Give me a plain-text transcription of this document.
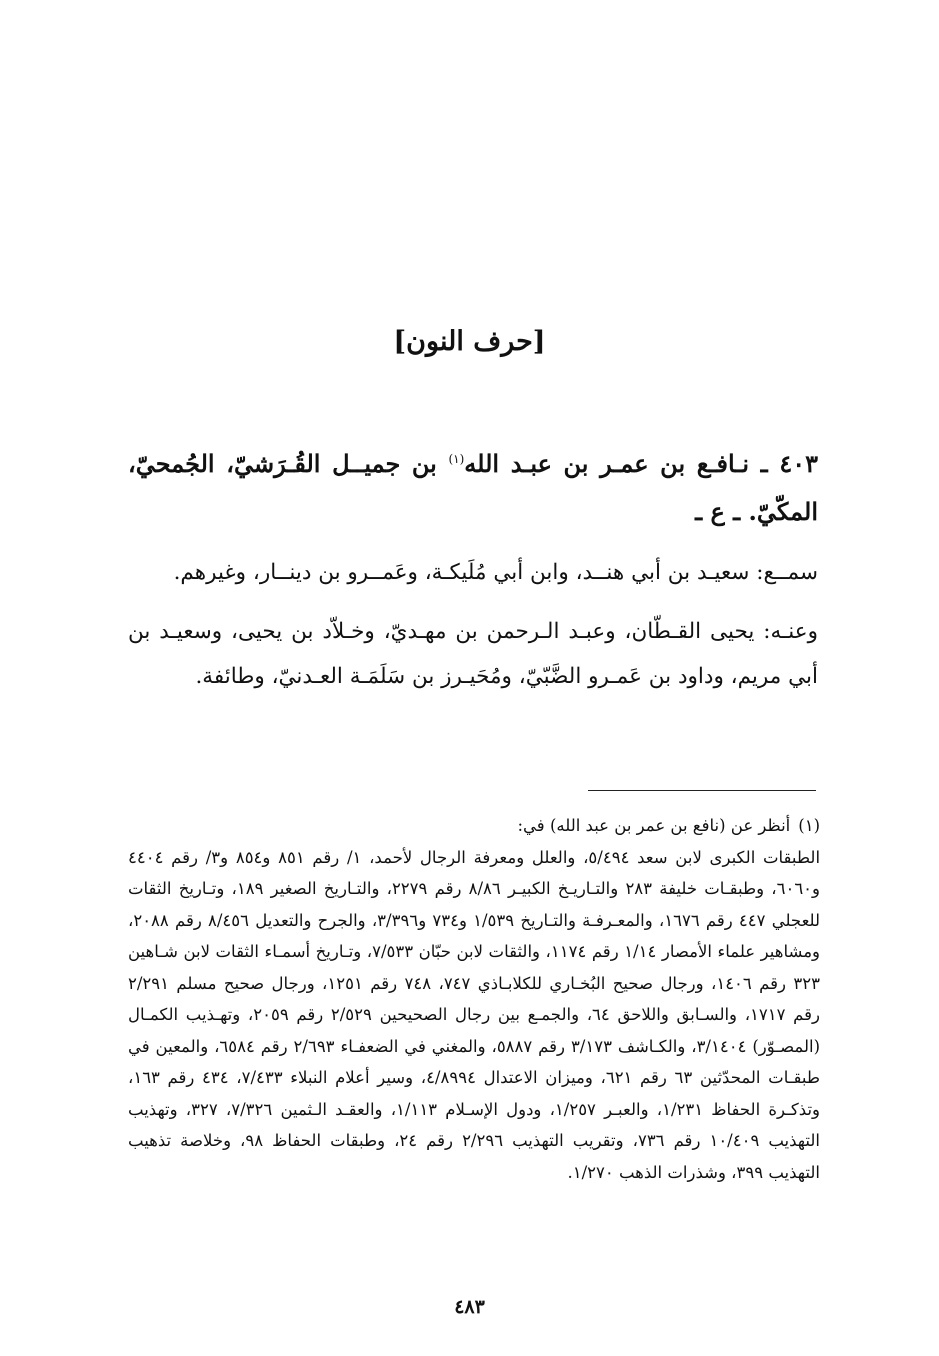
[حرف النون]

٤٠٣ ـ نـافـع بن عمـر بن عبـد الله$^{(١)}$ بن جميــل القُـرَشيّ، الجُمحيّ، المكّيّ. ـ ع ـ

سمــع: سعيـد بن أبي هنــد، وابن أبي مُلَيكـة، وعَمــرو بن دينــار، وغيرهم.

وعنـه: يحيى القـطّان، وعبـد الـرحمن بن مهـديّ، وخـلاّد بن يحيى، وسعيـد بن أبي مريم، وداود بن عَمـرو الضَّبّيّ، ومُحَيـرز بن سَلَمَـة العـدنيّ، وطائفة.

(١)أنظر عن (نافع بن عمر بن عبد الله) في:
الطبقات الكبرى لابن سعد ٥/٤٩٤، والعلل ومعرفة الرجال لأحمد، ١/ رقم ٨٥١ و٨٥٤ و٣/ رقم ٤٤٠٤ و٦٠٦٠، وطبقـات خليفة ٢٨٣ والتـاريـخ الكبيـر ٨/٨٦ رقم ٢٢٧٩، والتـاريخ الصغير ١٨٩، وتـاريخ الثقات للعجلي ٤٤٧ رقم ١٦٧٦، والمعـرفـة والتـاريخ ١/٥٣٩ و٧٣٤ و٣/٣٩٦، والجرح والتعديل ٨/٤٥٦ رقم ٢٠٨٨، ومشاهير علماء الأمصار ١/١٤ رقم ١١٧٤، والثقات لابن حبّان ٧/٥٣٣، وتـاريخ أسمـاء الثقات لابن شـاهين ٣٢٣ رقم ١٤٠٦، ورجال صحيح البُخـاري للكلابـاذي ٧٤٧، ٧٤٨ رقم ١٢٥١، ورجال صحيح مسلم ٢/٢٩١ رقم ١٧١٧، والسـابق واللاحق ٦٤، والجمـع بين رجال الصحيحين ٢/٥٢٩ رقم ٢٠٥٩، وتهـذيب الكمـال (المصـوّر) ٣/١٤٠٤، والكـاشف ٣/١٧٣ رقم ٥٨٨٧، والمغني في الضعفـاء ٢/٦٩٣ رقم ٦٥٨٤، والمعين في طبقـات المحدّثين ٦٣ رقم ٦٢١، وميزان الاعتدال ٤/٨٩٩٤، وسير أعلام النبلاء ٧/٤٣٣، ٤٣٤ رقم ١٦٣، وتذكـرة الحفاظ ١/٢٣١، والعبـر ١/٢٥٧، ودول الإسـلام ١/١١٣، والعقـد الـثمين ٧/٣٢٦، ٣٢٧، وتهذيب التهذيب ١٠/٤٠٩ رقم ٧٣٦، وتقريب التهذيب ٢/٢٩٦ رقم ٢٤، وطبقات الحفاظ ٩٨، وخلاصة تذهيب التهذيب ٣٩٩، وشذرات الذهب ١/٢٧٠.
٤٨٣
